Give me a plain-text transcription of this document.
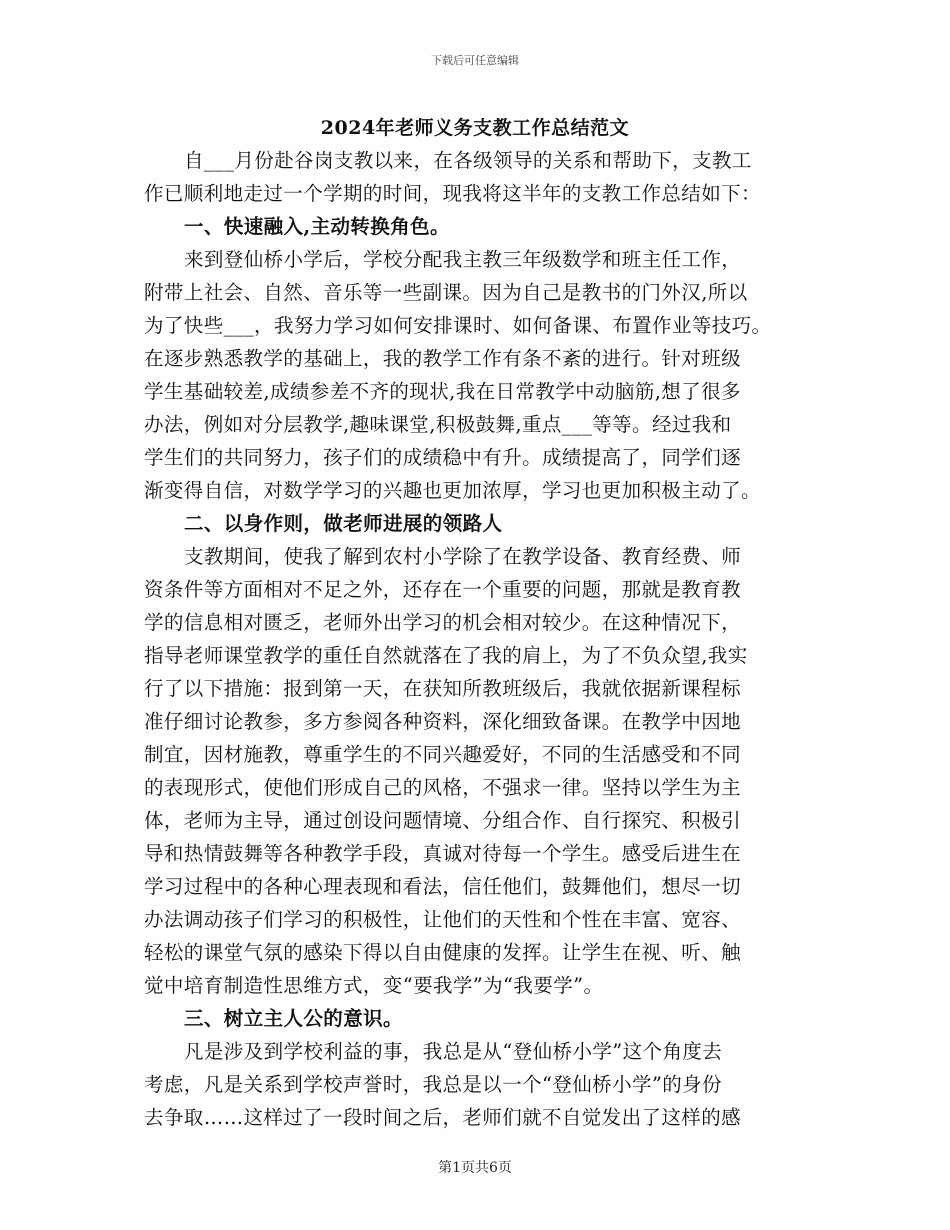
下载后可任意编辑
2024年老师义务支教工作总结范文
自___月份赴谷岗支教以来，在各级领导的关系和帮助下，支教工
作已顺利地走过一个学期的时间，现我将这半年的支教工作总结如下：
一、快速融入,主动转换角色。
来到登仙桥小学后，学校分配我主教三年级数学和班主任工作，
附带上社会、自然、音乐等一些副课。因为自己是教书的门外汉,所以
为了快些___，我努力学习如何安排课时、如何备课、布置作业等技巧。
在逐步熟悉教学的基础上，我的教学工作有条不紊的进行。针对班级
学生基础较差,成绩参差不齐的现状,我在日常教学中动脑筋,想了很多
办法，例如对分层教学,趣味课堂,积极鼓舞,重点___等等。经过我和
学生们的共同努力，孩子们的成绩稳中有升。成绩提高了，同学们逐
渐变得自信，对数学学习的兴趣也更加浓厚，学习也更加积极主动了。
二、以身作则，做老师进展的领路人
支教期间，使我了解到农村小学除了在教学设备、教育经费、师
资条件等方面相对不足之外，还存在一个重要的问题，那就是教育教
学的信息相对匮乏，老师外出学习的机会相对较少。在这种情况下，
指导老师课堂教学的重任自然就落在了我的肩上，为了不负众望,我实
行了以下措施：报到第一天，在获知所教班级后，我就依据新课程标
准仔细讨论教参，多方参阅各种资料，深化细致备课。在教学中因地
制宜，因材施教，尊重学生的不同兴趣爱好，不同的生活感受和不同
的表现形式，使他们形成自己的风格，不强求一律。坚持以学生为主
体，老师为主导，通过创设问题情境、分组合作、自行探究、积极引
导和热情鼓舞等各种教学手段，真诚对待每一个学生。感受后进生在
学习过程中的各种心理表现和看法，信任他们，鼓舞他们，想尽一切
办法调动孩子们学习的积极性，让他们的天性和个性在丰富、宽容、
轻松的课堂气氛的感染下得以自由健康的发挥。让学生在视、听、触
觉中培育制造性思维方式，变“要我学”为“我要学”。
三、树立主人公的意识。
凡是涉及到学校利益的事，我总是从“登仙桥小学”这个角度去
考虑，凡是关系到学校声誉时，我总是以一个“登仙桥小学”的身份
去争取……这样过了一段时间之后，老师们就不自觉发出了这样的感
第1页共6页
